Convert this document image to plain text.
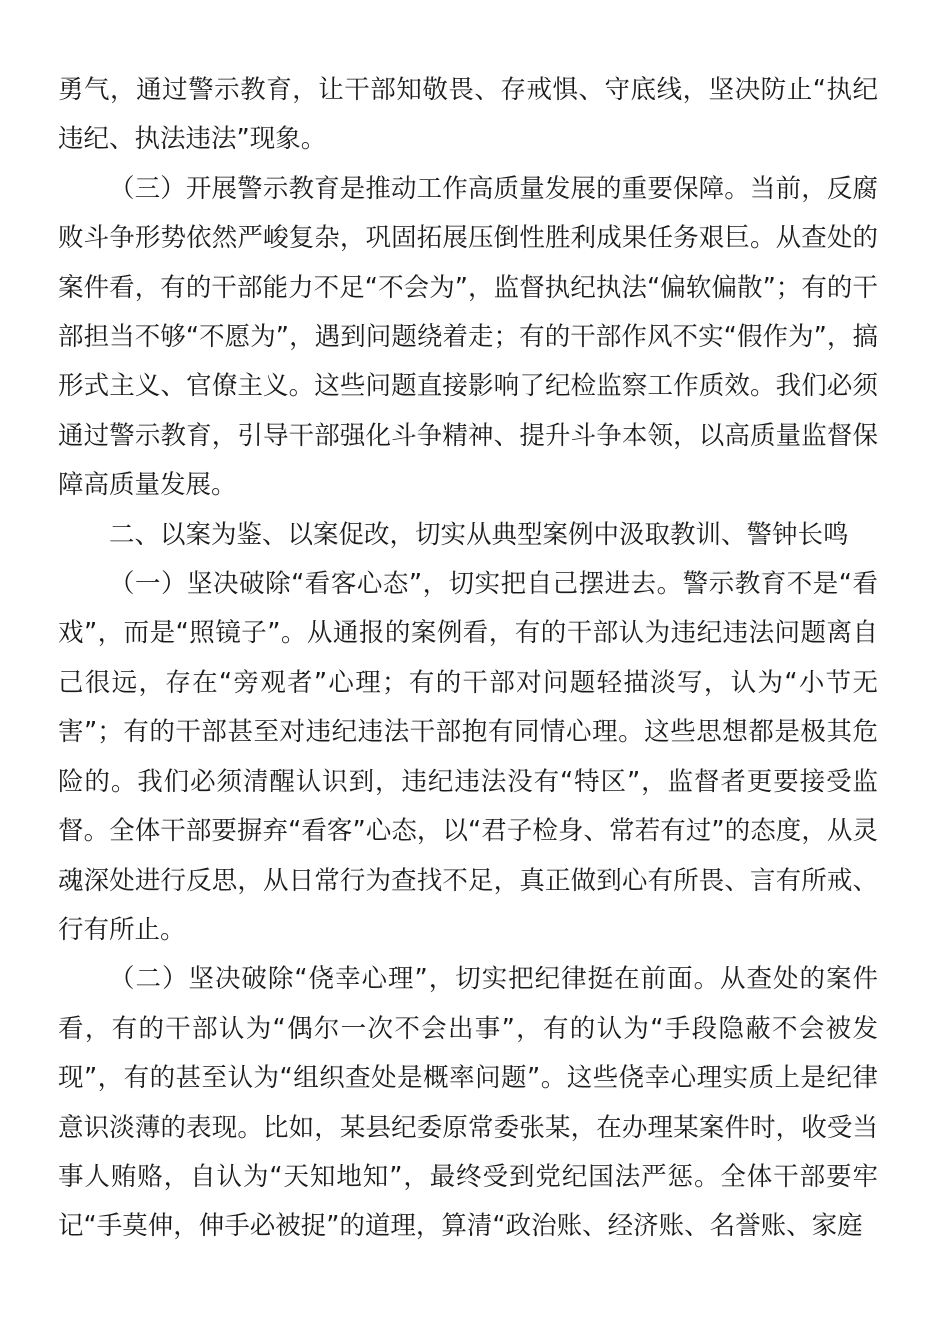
勇气，通过警示教育，让干部知敬畏、存戒惧、守底线，坚决防止“执纪违纪、执法违法”现象。

（三）开展警示教育是推动工作高质量发展的重要保障。当前，反腐败斗争形势依然严峻复杂，巩固拓展压倒性胜利成果任务艰巨。从查处的案件看，有的干部能力不足“不会为”，监督执纪执法“偏软偏散”；有的干部担当不够“不愿为”，遇到问题绕着走；有的干部作风不实“假作为”，搞形式主义、官僚主义。这些问题直接影响了纪检监察工作质效。我们必须通过警示教育，引导干部强化斗争精神、提升斗争本领，以高质量监督保障高质量发展。

二、以案为鉴、以案促改，切实从典型案例中汲取教训、警钟长鸣

（一）坚决破除“看客心态”，切实把自己摆进去。警示教育不是“看戏”，而是“照镜子”。从通报的案例看，有的干部认为违纪违法问题离自己很远，存在“旁观者”心理；有的干部对问题轻描淡写，认为“小节无害”；有的干部甚至对违纪违法干部抱有同情心理。这些思想都是极其危险的。我们必须清醒认识到，违纪违法没有“特区”，监督者更要接受监督。全体干部要摒弃“看客”心态，以“君子检身、常若有过”的态度，从灵魂深处进行反思，从日常行为查找不足，真正做到心有所畏、言有所戒、行有所止。

（二）坚决破除“侥幸心理”，切实把纪律挺在前面。从查处的案件看，有的干部认为“偶尔一次不会出事”，有的认为“手段隐蔽不会被发现”，有的甚至认为“组织查处是概率问题”。这些侥幸心理实质上是纪律意识淡薄的表现。比如，某县纪委原常委张某，在办理某案件时，收受当事人贿赂，自认为“天知地知”，最终受到党纪国法严惩。全体干部要牢记“手莫伸，伸手必被捉”的道理，算清“政治账、经济账、名誉账、家庭
